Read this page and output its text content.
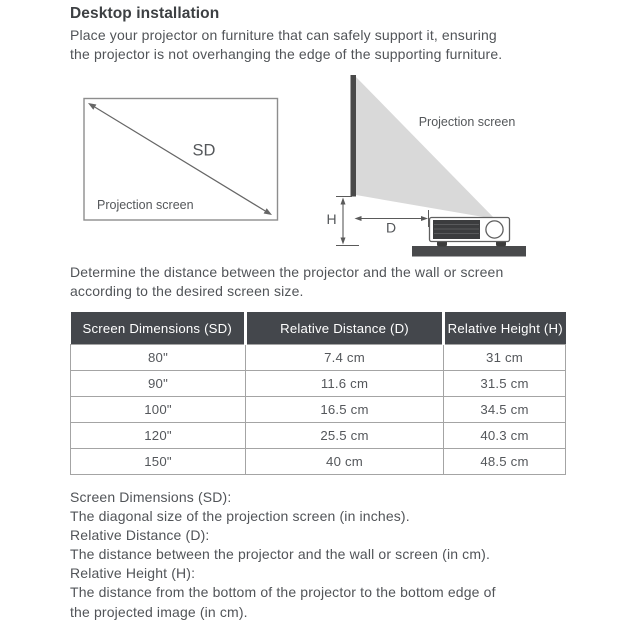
Desktop installation
Place your projector on furniture that can safely support it, ensuring
the projector is not overhanging the edge of the supporting furniture.
SD
Projection screen
Projection screen
H
D
Determine the distance between the projector and the wall or screen
according to the desired screen size.
Screen Dimensions (SD)	Relative Distance (D)	Relative Height (H)
80"	7.4 cm	31 cm
90"	11.6 cm	31.5 cm
100"	16.5 cm	34.5 cm
120"	25.5 cm	40.3 cm
150"	40 cm	48.5 cm
Screen Dimensions (SD):
The diagonal size of the projection screen (in inches).
Relative Distance (D):
The distance between the projector and the wall or screen (in cm).
Relative Height (H):
The distance from the bottom of the projector to the bottom edge of
the projected image (in cm).
